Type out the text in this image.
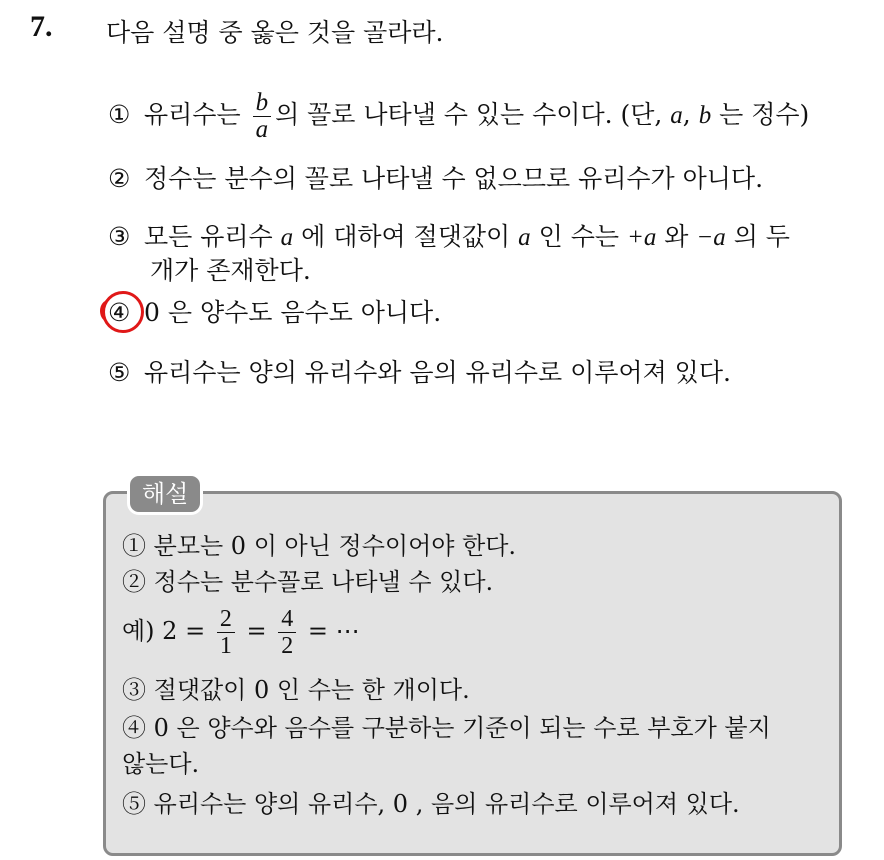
7. 다음 설명 중 옳은 것을 골라라.
① 유리수는 $\frac{b}{a}$ 의 꼴로 나타낼 수 있는 수이다. (단, a, b 는 정수)
② 정수는 분수의 꼴로 나타낼 수 없으므로 유리수가 아니다.
③ 모든 유리수 a 에 대하여 절댓값이 a 인 수는 +a 와 −a 의 두
개가 존재한다.
④ 0 은 양수도 음수도 아니다.
⑤ 유리수는 양의 유리수와 음의 유리수로 이루어져 있다.
해설
① 분모는 0 이 아닌 정수이어야 한다.
② 정수는 분수꼴로 나타낼 수 있다.
예) $2 = \frac{2}{1} = \frac{4}{2}$ = ⋯
③ 절댓값이 0 인 수는 한 개이다.
④ 0 은 양수와 음수를 구분하는 기준이 되는 수로 부호가 붙지
않는다.
⑤ 유리수는 양의 유리수, 0 , 음의 유리수로 이루어져 있다.
